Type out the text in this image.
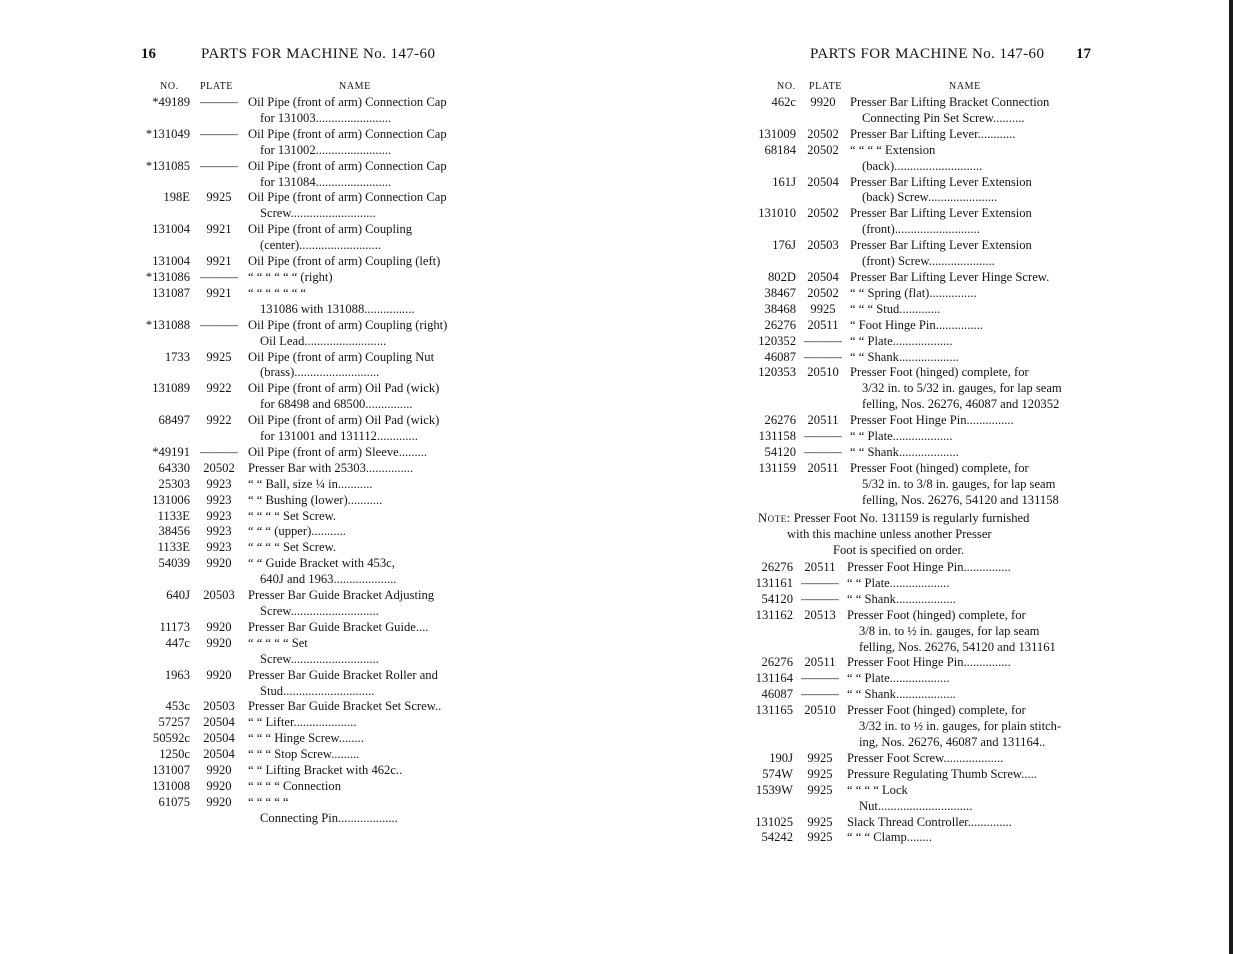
16	PARTS FOR MACHINE No. 147-60
NO. PLATE	NAME
*49189 ——— Oil Pipe (front of arm) Connection Cap
for 131003........................
*131049 ——— Oil Pipe (front of arm) Connection Cap
for 131002........................
*131085 ——— Oil Pipe (front of arm) Connection Cap
for 131084........................
198E	9925	Oil Pipe (front of arm) Connection Cap
Screw...........................
131004	9921	Oil Pipe (front of arm) Coupling
(center)..........................
131004	9921	Oil Pipe (front of arm) Coupling (left)
*131086 ——— “ “ “ “ “ “ (right)
131087	9921	“ “ “ “ “ “ “
131086 with 131088................
*131088 ——— Oil Pipe (front of arm) Coupling (right)
Oil Lead..........................
1733	9925	Oil Pipe (front of arm) Coupling Nut
(brass)...........................
131089	9922	Oil Pipe (front of arm) Oil Pad (wick)
for 68498 and 68500...............
68497	9922	Oil Pipe (front of arm) Oil Pad (wick)
for 131001 and 131112.............
*49191 ——— Oil Pipe (front of arm) Sleeve.........
64330	20502	Presser Bar with 25303...............
25303	9923	“ “ Ball, size ¼ in...........
131006	9923	“ “ Bushing (lower)...........
1133E	9923	“ “ “ “ Set Screw.
38456	9923	“ “ “ (upper)...........
1133E	9923	“ “ “ “ Set Screw.
54039	9920	“ “ Guide Bracket with 453c,
640J and 1963....................
640J	20503	Presser Bar Guide Bracket Adjusting
Screw............................
11173	9920	Presser Bar Guide Bracket Guide....
447c	9920	“ “ “ “ “ Set
Screw............................
1963	9920	Presser Bar Guide Bracket Roller and
Stud.............................
453c	20503	Presser Bar Guide Bracket Set Screw..
57257	20504	“ “ Lifter....................
50592c	20504	“ “ “ Hinge Screw........
1250c	20504	“ “ “ Stop Screw.........
131007	9920	“ “ Lifting Bracket with 462c..
131008	9920	“ “ “ “ Connection
61075	9920	“ “ “ “ “
Connecting Pin...................
PARTS FOR MACHINE No. 147-60 17
NO. PLATE	NAME
462c	9920	Presser Bar Lifting Bracket Connection
Connecting Pin Set Screw..........
131009 20502 Presser Bar Lifting Lever............
68184 20502 “ “ “ “ Extension
(back)............................
161J 20504 Presser Bar Lifting Lever Extension
(back) Screw......................
131010 20502 Presser Bar Lifting Lever Extension
(front)...........................
176J 20503 Presser Bar Lifting Lever Extension
(front) Screw.....................
802D 20504 Presser Bar Lifting Lever Hinge Screw.
38467 20502 “ “ Spring (flat)...............
38468	9925	“ “ “ Stud.............
26276 20511 “ Foot Hinge Pin...............
120352 ——— “ “ Plate...................
46087 ——— “ “ Shank...................
120353 20510 Presser Foot (hinged) complete, for
3/32 in. to 5/32 in. gauges, for lap seam
felling, Nos. 26276, 46087 and 120352
26276 20511 Presser Foot Hinge Pin...............
131158 ——— “ “ Plate...................
54120 ——— “ “ Shank...................
131159 20511 Presser Foot (hinged) complete, for
5/32 in. to 3/8 in. gauges, for lap seam
felling, Nos. 26276, 54120 and 131158
Note: Presser Foot No. 131159 is regularly furnished
with this machine unless another Presser
Foot is specified on order.
26276 20511 Presser Foot Hinge Pin...............
131161 ——— “ “ Plate...................
54120 ——— “ “ Shank...................
131162 20513 Presser Foot (hinged) complete, for
3/8 in. to ½ in. gauges, for lap seam
felling, Nos. 26276, 54120 and 131161
26276 20511 Presser Foot Hinge Pin...............
131164 ——— “ “ Plate...................
46087 ——— “ “ Shank...................
131165 20510 Presser Foot (hinged) complete, for
3/32 in. to ½ in. gauges, for plain stitch-
ing, Nos. 26276, 46087 and 131164..
190J	9925	Presser Foot Screw...................
574W	9925	Pressure Regulating Thumb Screw.....
1539W	9925	“ “ “ “ Lock
Nut..............................
131025	9925	Slack Thread Controller..............
54242	9925	“ “ “ Clamp........
